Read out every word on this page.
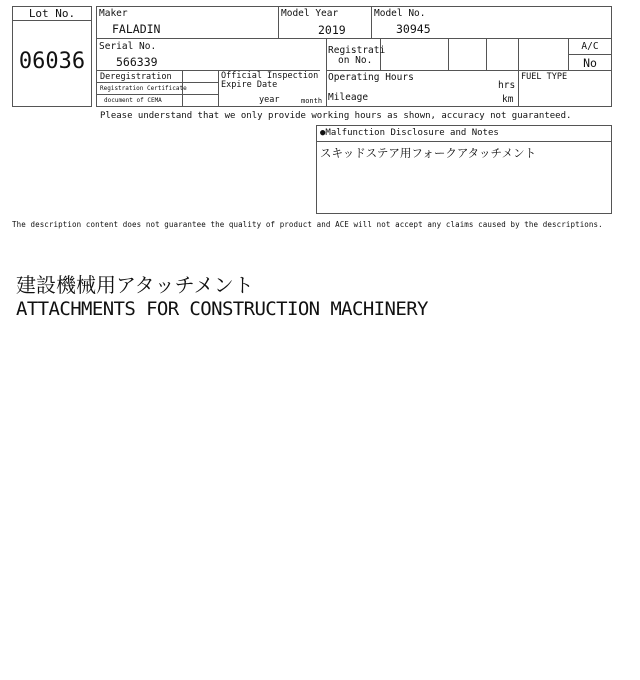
Lot No.
06036
Maker
FALADIN
Model Year
2019
Model No.
30945
Serial No.
566339
Registrati
on No.
A/C
No
Deregistration
Registration Certificate
document of CEMA
Official Inspection
Expire Date
year	month
Operating Hours
hrs
Mileage	km
FUEL TYPE
Please understand that we only provide working hours as shown, accuracy not guaranteed.
●Malfunction Disclosure and Notes
スキッドステア用フォークアタッチメント
The description content does not guarantee the quality of product and ACE will not accept any claims caused by the descriptions.
建設機械用アタッチメント
ATTACHMENTS FOR CONSTRUCTION MACHINERY
